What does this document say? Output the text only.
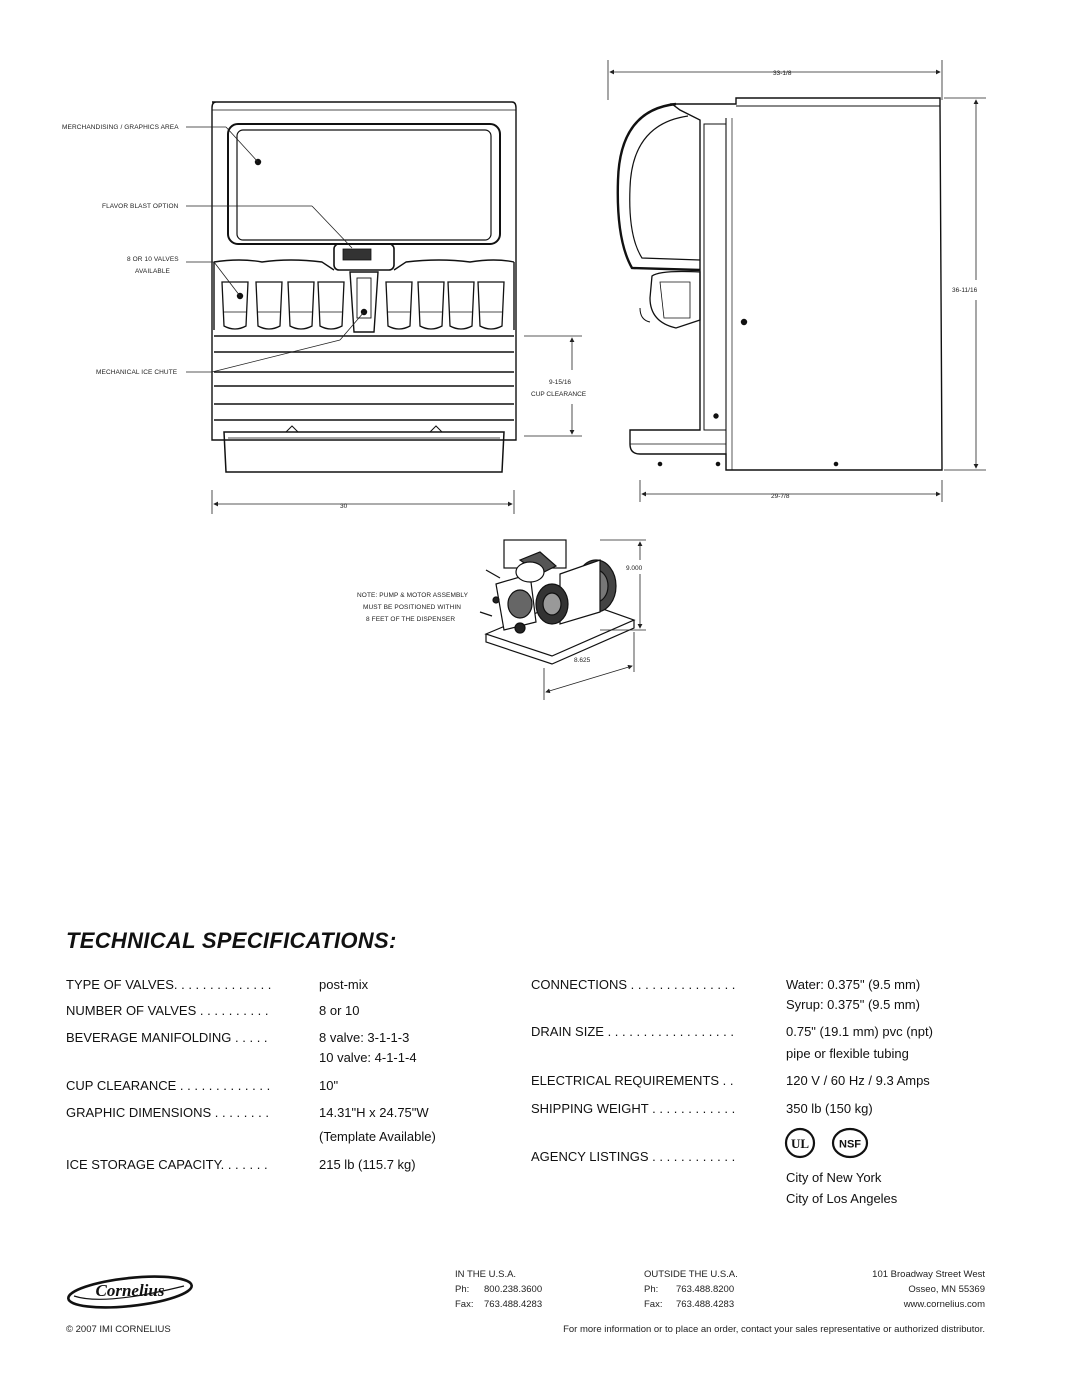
MERCHANDISING / GRAPHICS AREA
FLAVOR BLAST OPTION
8 OR 10 VALVES
AVAILABLE
MECHANICAL ICE CHUTE
30
9-15/16
CUP CLEARANCE
33-1/8
36-11/16
29-7/8
9.000
8.625
NOTE: PUMP & MOTOR ASSEMBLY
MUST BE POSITIONED WITHIN
8 FEET OF THE DISPENSER
TECHNICAL SPECIFICATIONS:
TYPE OF VALVES. . . . . . . . . . . . . .	post-mix
NUMBER OF VALVES . . . . . . . . . .	8 or 10
BEVERAGE MANIFOLDING . . . . .	8 valve: 3-1-1-3
10 valve: 4-1-1-4
CUP CLEARANCE . . . . . . . . . . . . .	10"
GRAPHIC DIMENSIONS . . . . . . . .	14.31"H x 24.75"W
(Template Available)
ICE STORAGE CAPACITY. . . . . . .	215 lb (115.7 kg)
CONNECTIONS . . . . . . . . . . . . . . .	Water: 0.375" (9.5 mm)
Syrup: 0.375" (9.5 mm)
DRAIN SIZE . . . . . . . . . . . . . . . . . .	0.75" (19.1 mm) pvc (npt)
pipe or flexible tubing
ELECTRICAL REQUIREMENTS . .	120 V / 60 Hz / 9.3 Amps
SHIPPING WEIGHT . . . . . . . . . . . .	350 lb (150 kg)
AGENCY LISTINGS . . . . . . . . . . . .
UL	NSF
City of New York
City of Los Angeles
Cornelius
IN THE U.S.A.
Ph: 800.238.3600
Fax: 763.488.4283
OUTSIDE THE U.S.A.
Ph: 763.488.8200
Fax: 763.488.4283
101 Broadway Street West
Osseo, MN 55369
www.cornelius.com
© 2007 IMI CORNELIUS	For more information or to place an order, contact your sales representative or authorized distributor.
